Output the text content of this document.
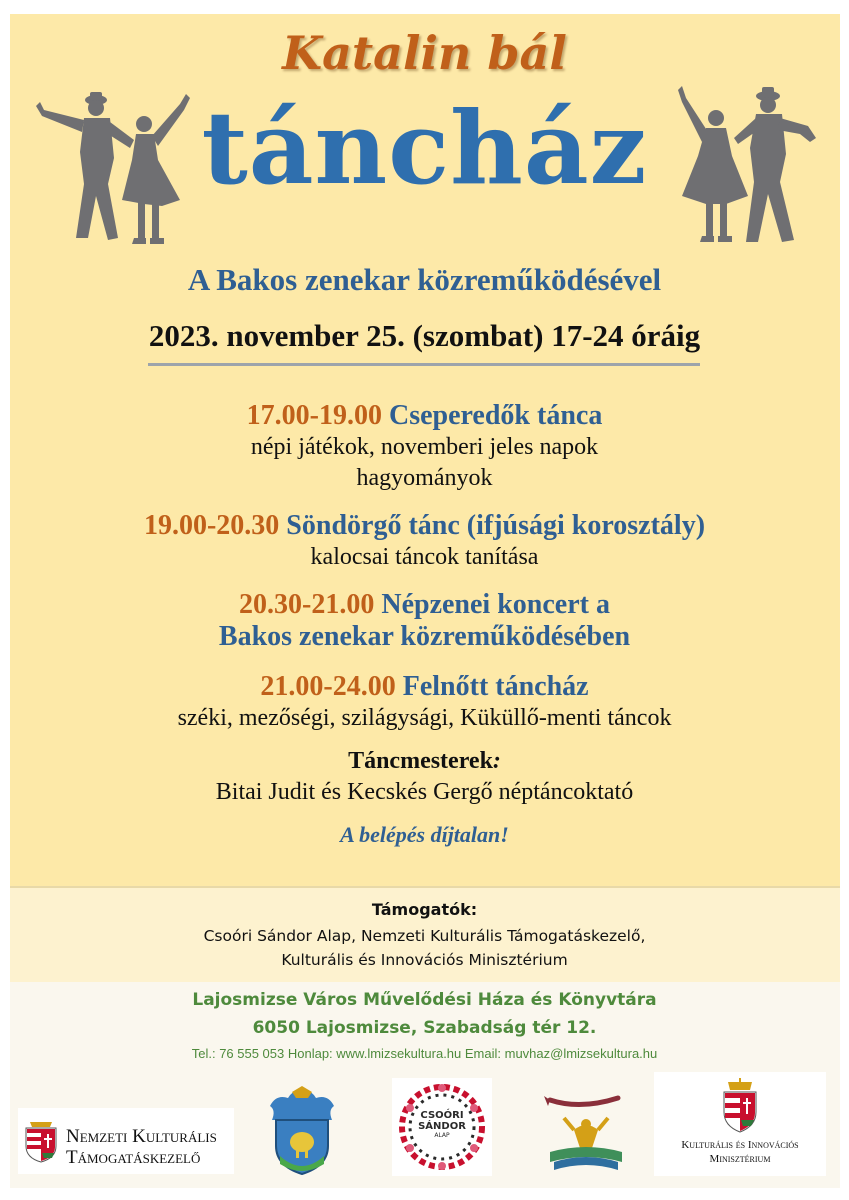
Katalin bál
táncház
A Bakos zenekar közreműködésével
2023. november 25. (szombat) 17-24 óráig
17.00-19.00 Cseperedők tánca
népi játékok, novemberi jeles napok
hagyományok
19.00-20.30 Söndörgő tánc (ifjúsági korosztály)
kalocsai táncok tanítása
20.30-21.00 Népzenei koncert a
Bakos zenekar közreműködésében
21.00-24.00 Felnőtt táncház
széki, mezőségi, szilágysági, Küküllő-menti táncok
Táncmesterek:
Bitai Judit és Kecskés Gergő néptáncoktató
A belépés díjtalan!
Támogatók:
Csoóri Sándor Alap, Nemzeti Kulturális Támogatáskezelő,
Kulturális és Innovációs Minisztérium
Lajosmizse Város Művelődési Háza és Könyvtára
6050 Lajosmizse, Szabadság tér 12.
Tel.: 76 555 053 Honlap: www.lmizsekultura.hu Email: muvhaz@lmizsekultura.hu
Nemzeti Kulturális
Támogatáskezelő
CSOÓRI
SÁNDOR
ALAP
Kulturális és Innovációs
Minisztérium
